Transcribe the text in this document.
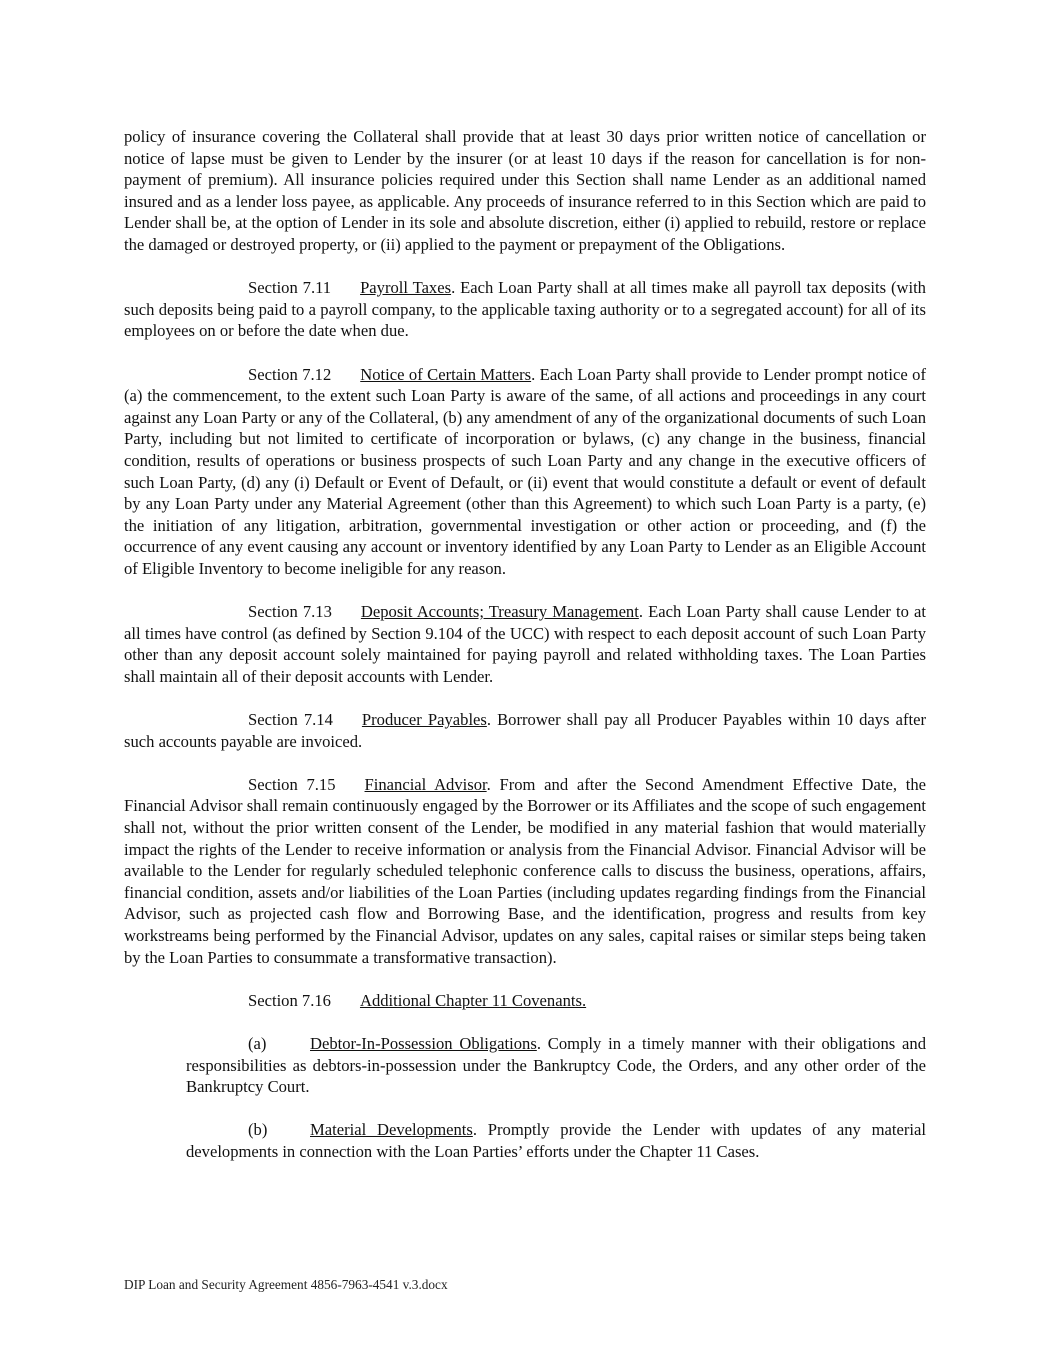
policy of insurance covering the Collateral shall provide that at least 30 days prior written notice of cancellation or notice of lapse must be given to Lender by the insurer (or at least 10 days if the reason for cancellation is for non-payment of premium). All insurance policies required under this Section shall name Lender as an additional named insured and as a lender loss payee, as applicable. Any proceeds of insurance referred to in this Section which are paid to Lender shall be, at the option of Lender in its sole and absolute discretion, either (i) applied to rebuild, restore or replace the damaged or destroyed property, or (ii) applied to the payment or prepayment of the Obligations.

Section 7.11 Payroll Taxes. Each Loan Party shall at all times make all payroll tax deposits (with such deposits being paid to a payroll company, to the applicable taxing authority or to a segregated account) for all of its employees on or before the date when due.

Section 7.12 Notice of Certain Matters. Each Loan Party shall provide to Lender prompt notice of (a) the commencement, to the extent such Loan Party is aware of the same, of all actions and proceedings in any court against any Loan Party or any of the Collateral, (b) any amendment of any of the organizational documents of such Loan Party, including but not limited to certificate of incorporation or bylaws, (c) any change in the business, financial condition, results of operations or business prospects of such Loan Party and any change in the executive officers of such Loan Party, (d) any (i) Default or Event of Default, or (ii) event that would constitute a default or event of default by any Loan Party under any Material Agreement (other than this Agreement) to which such Loan Party is a party, (e) the initiation of any litigation, arbitration, governmental investigation or other action or proceeding, and (f) the occurrence of any event causing any account or inventory identified by any Loan Party to Lender as an Eligible Account of Eligible Inventory to become ineligible for any reason.

Section 7.13 Deposit Accounts; Treasury Management. Each Loan Party shall cause Lender to at all times have control (as defined by Section 9.104 of the UCC) with respect to each deposit account of such Loan Party other than any deposit account solely maintained for paying payroll and related withholding taxes. The Loan Parties shall maintain all of their deposit accounts with Lender.

Section 7.14 Producer Payables. Borrower shall pay all Producer Payables within 10 days after such accounts payable are invoiced.

Section 7.15 Financial Advisor. From and after the Second Amendment Effective Date, the Financial Advisor shall remain continuously engaged by the Borrower or its Affiliates and the scope of such engagement shall not, without the prior written consent of the Lender, be modified in any material fashion that would materially impact the rights of the Lender to receive information or analysis from the Financial Advisor. Financial Advisor will be available to the Lender for regularly scheduled telephonic conference calls to discuss the business, operations, affairs, financial condition, assets and/or liabilities of the Loan Parties (including updates regarding findings from the Financial Advisor, such as projected cash flow and Borrowing Base, and the identification, progress and results from key workstreams being performed by the Financial Advisor, updates on any sales, capital raises or similar steps being taken by the Loan Parties to consummate a transformative transaction).

Section 7.16 Additional Chapter 11 Covenants.

(a)	Debtor-In-Possession Obligations. Comply in a timely manner with their obligations and responsibilities as debtors-in-possession under the Bankruptcy Code, the Orders, and any other order of the Bankruptcy Court.

(b)	Material Developments. Promptly provide the Lender with updates of any material developments in connection with the Loan Parties’ efforts under the Chapter 11 Cases.

DIP Loan and Security Agreement 4856-7963-4541 v.3.docx
